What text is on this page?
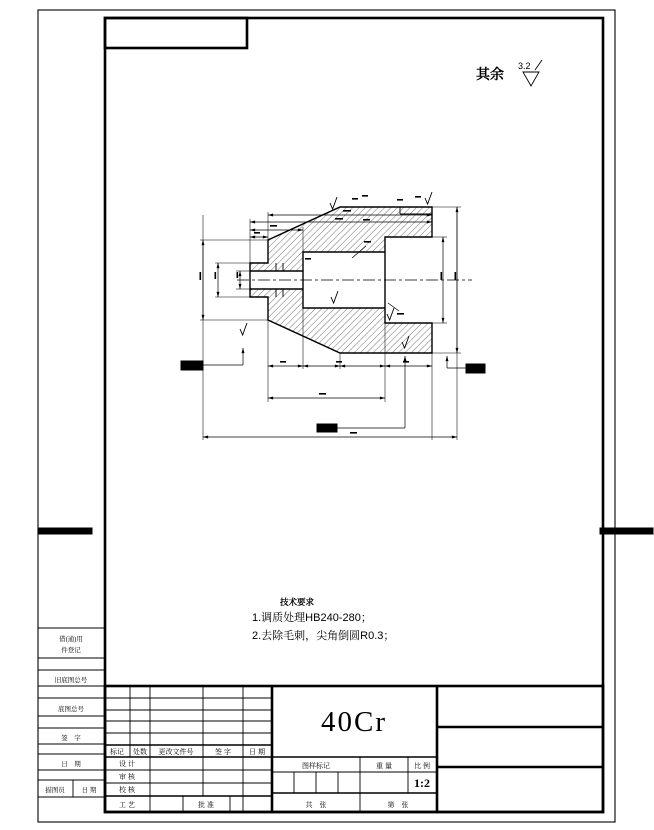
其余 3.2
技术要求
1.调质处理HB240-280；
2.去除毛刺，尖角倒圆R0.3；
借(通)用
件登记
旧底图总号
底图总号
签　字
日　期
描图员	日 期
标记 处数 更改文件号	签 字	日 期
设 计
审 核
校 核
工 艺	批 准
40Cr
图样标记	重 量	比 例
1:2
共　张	第　张
